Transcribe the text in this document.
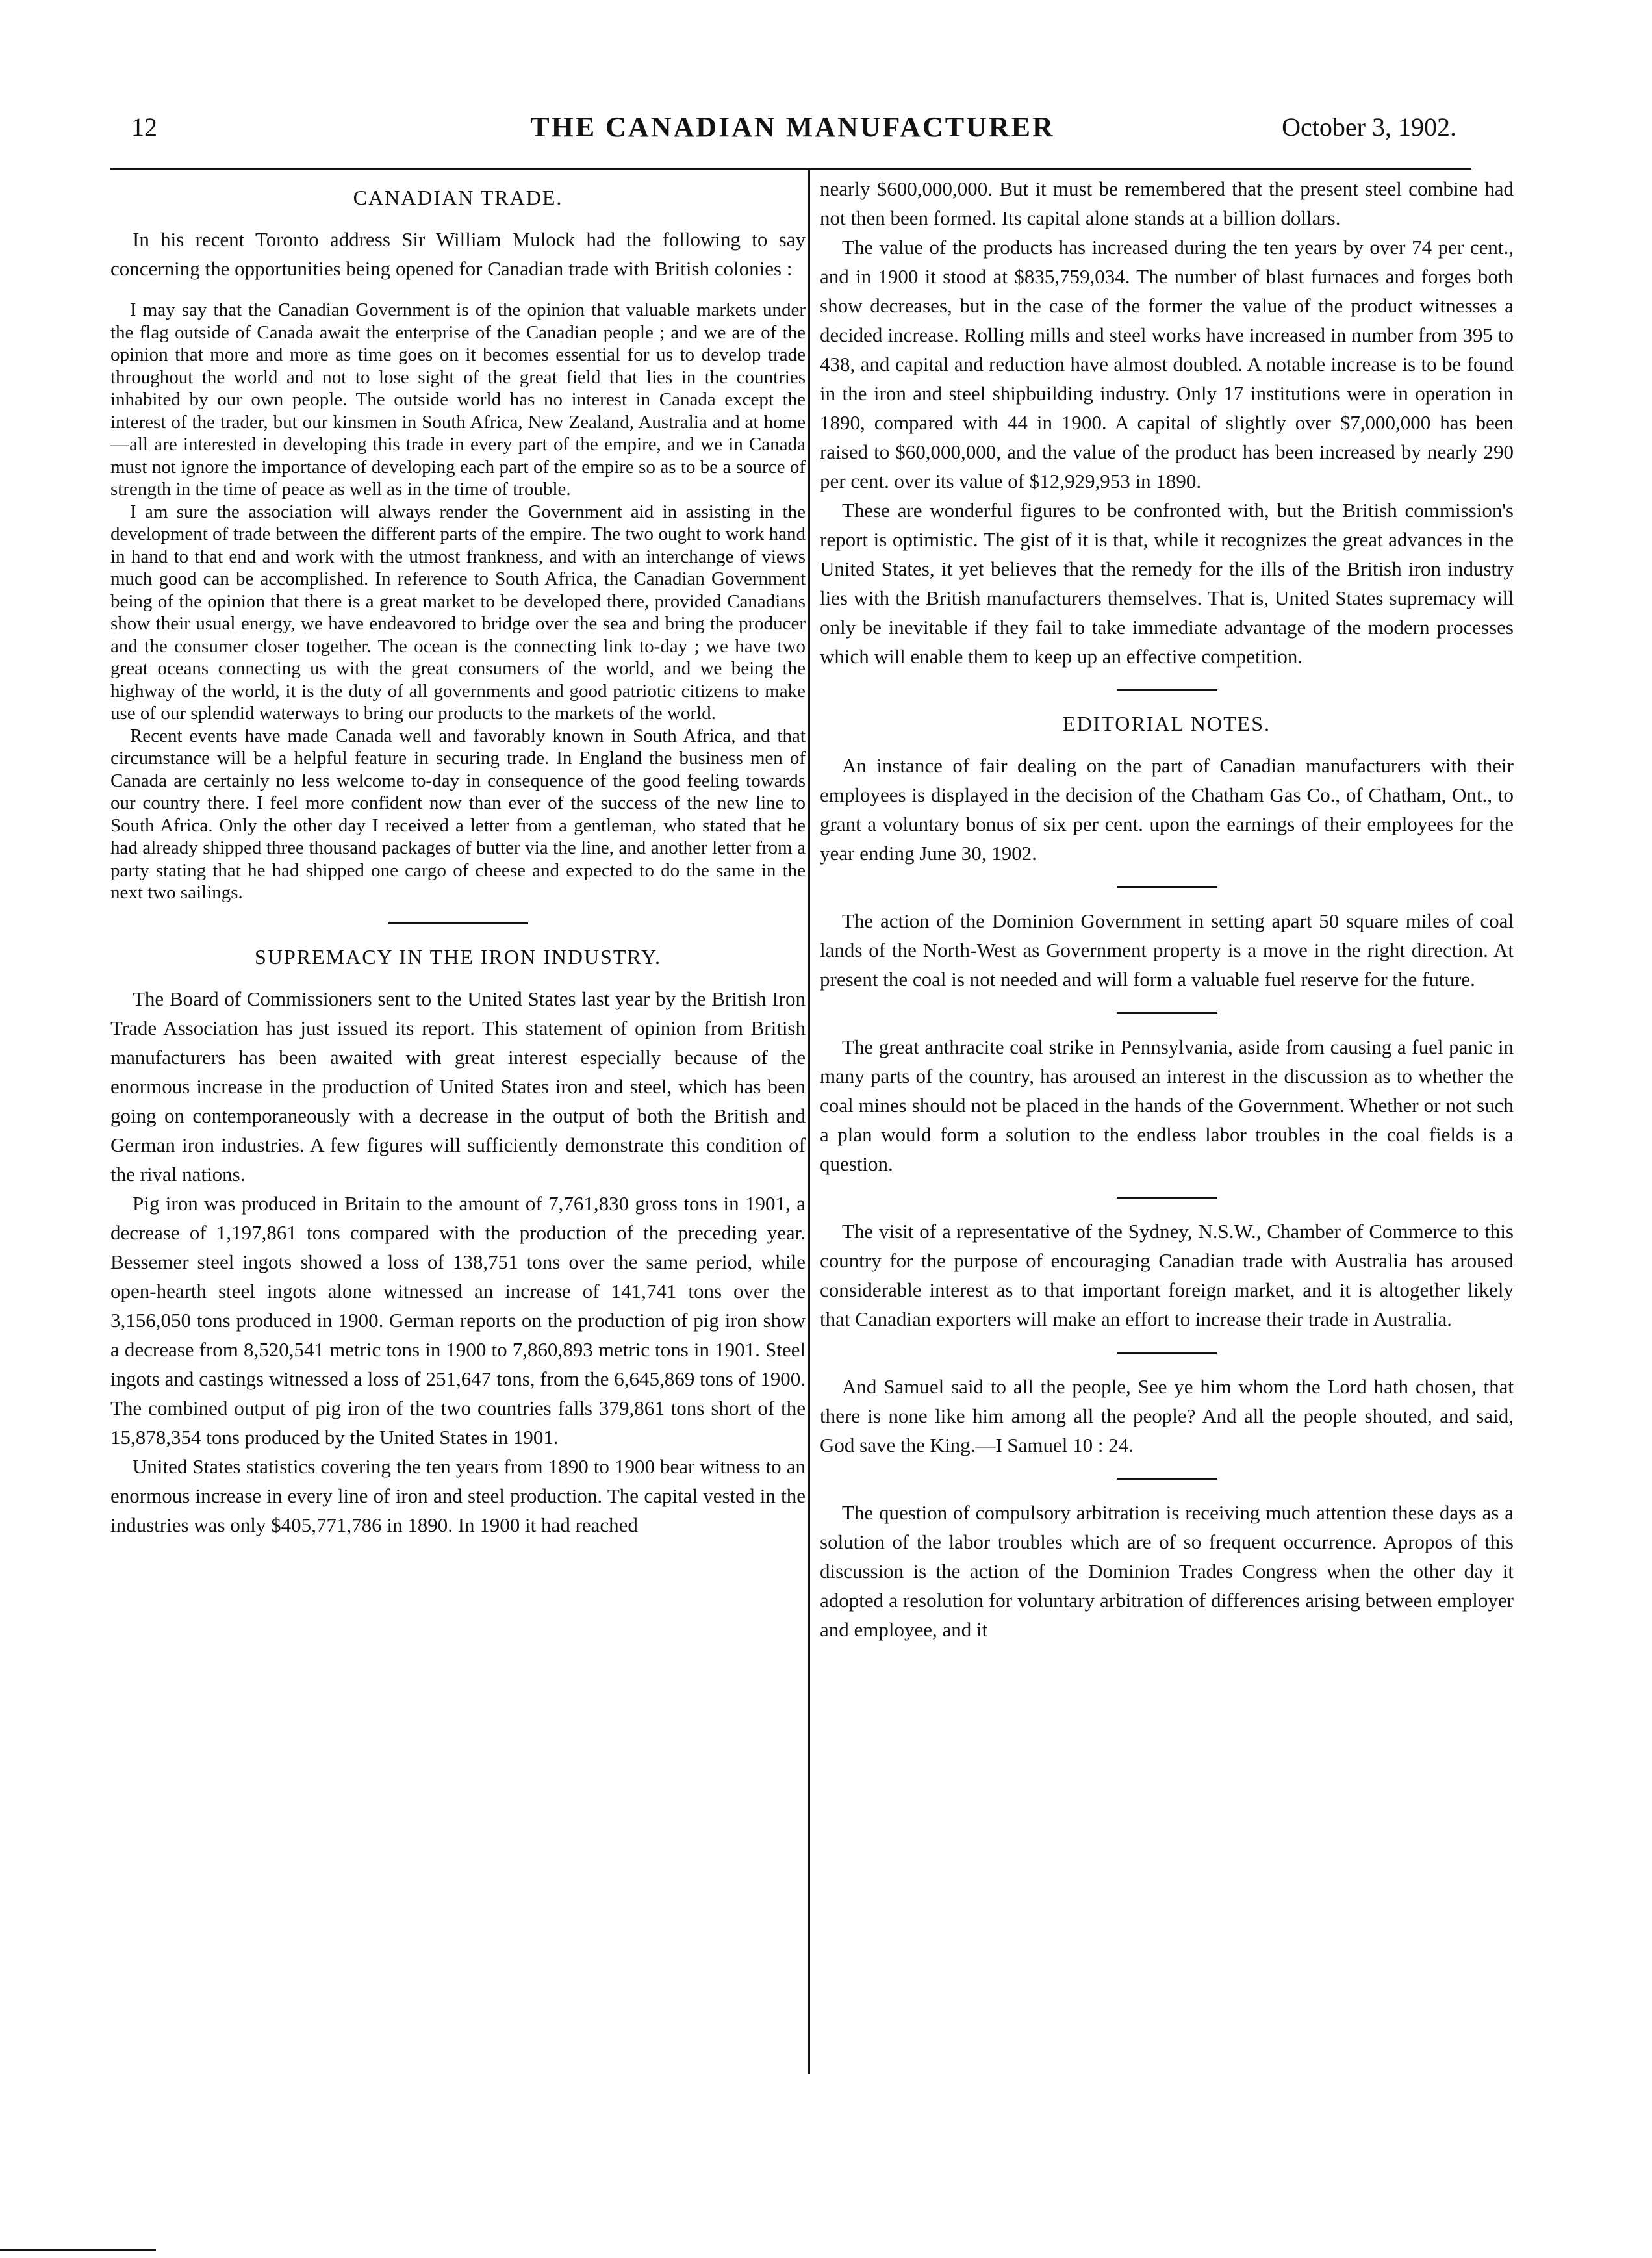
12	THE CANADIAN MANUFACTURER	October 3, 1902.
CANADIAN TRADE.

In his recent Toronto address Sir William Mulock had the following to say concerning the opportunities being opened for Canadian trade with British colonies :

I may say that the Canadian Government is of the opinion that valuable markets under the flag outside of Canada await the enterprise of the Canadian people ; and we are of the opinion that more and more as time goes on it becomes essential for us to develop trade throughout the world and not to lose sight of the great field that lies in the countries inhabited by our own people. The outside world has no interest in Canada except the interest of the trader, but our kinsmen in South Africa, New Zealand, Australia and at home—all are interested in developing this trade in every part of the empire, and we in Canada must not ignore the importance of developing each part of the empire so as to be a source of strength in the time of peace as well as in the time of trouble.

I am sure the association will always render the Government aid in assisting in the development of trade between the different parts of the empire. The two ought to work hand in hand to that end and work with the utmost frankness, and with an interchange of views much good can be accomplished. In reference to South Africa, the Canadian Government being of the opinion that there is a great market to be developed there, provided Canadians show their usual energy, we have endeavored to bridge over the sea and bring the producer and the consumer closer together. The ocean is the connecting link to-day ; we have two great oceans connecting us with the great consumers of the world, and we being the highway of the world, it is the duty of all governments and good patriotic citizens to make use of our splendid waterways to bring our products to the markets of the world.

Recent events have made Canada well and favorably known in South Africa, and that circumstance will be a helpful feature in securing trade. In England the business men of Canada are certainly no less welcome to-day in consequence of the good feeling towards our country there. I feel more confident now than ever of the success of the new line to South Africa. Only the other day I received a letter from a gentleman, who stated that he had already shipped three thousand packages of butter via the line, and another letter from a party stating that he had shipped one cargo of cheese and expected to do the same in the next two sailings.

SUPREMACY IN THE IRON INDUSTRY.

The Board of Commissioners sent to the United States last year by the British Iron Trade Association has just issued its report. This statement of opinion from British manufacturers has been awaited with great interest especially because of the enormous increase in the production of United States iron and steel, which has been going on contemporaneously with a decrease in the output of both the British and German iron industries. A few figures will sufficiently demonstrate this condition of the rival nations.

Pig iron was produced in Britain to the amount of 7,761,830 gross tons in 1901, a decrease of 1,197,861 tons compared with the production of the preceding year. Bessemer steel ingots showed a loss of 138,751 tons over the same period, while open-hearth steel ingots alone witnessed an increase of 141,741 tons over the 3,156,050 tons produced in 1900. German reports on the production of pig iron show a decrease from 8,520,541 metric tons in 1900 to 7,860,893 metric tons in 1901. Steel ingots and castings witnessed a loss of 251,647 tons, from the 6,645,869 tons of 1900. The combined output of pig iron of the two countries falls 379,861 tons short of the 15,878,354 tons produced by the United States in 1901.

United States statistics covering the ten years from 1890 to 1900 bear witness to an enormous increase in every line of iron and steel production. The capital vested in the industries was only $405,771,786 in 1890. In 1900 it had reached

nearly $600,000,000. But it must be remembered that the present steel combine had not then been formed. Its capital alone stands at a billion dollars.

The value of the products has increased during the ten years by over 74 per cent., and in 1900 it stood at $835,759,034. The number of blast furnaces and forges both show decreases, but in the case of the former the value of the product witnesses a decided increase. Rolling mills and steel works have increased in number from 395 to 438, and capital and reduction have almost doubled. A notable increase is to be found in the iron and steel shipbuilding industry. Only 17 institutions were in operation in 1890, compared with 44 in 1900. A capital of slightly over $7,000,000 has been raised to $60,000,000, and the value of the product has been increased by nearly 290 per cent. over its value of $12,929,953 in 1890.

These are wonderful figures to be confronted with, but the British commission's report is optimistic. The gist of it is that, while it recognizes the great advances in the United States, it yet believes that the remedy for the ills of the British iron industry lies with the British manufacturers themselves. That is, United States supremacy will only be inevitable if they fail to take immediate advantage of the modern processes which will enable them to keep up an effective competition.

EDITORIAL NOTES.

An instance of fair dealing on the part of Canadian manufacturers with their employees is displayed in the decision of the Chatham Gas Co., of Chatham, Ont., to grant a voluntary bonus of six per cent. upon the earnings of their employees for the year ending June 30, 1902.

The action of the Dominion Government in setting apart 50 square miles of coal lands of the North-West as Government property is a move in the right direction. At present the coal is not needed and will form a valuable fuel reserve for the future.

The great anthracite coal strike in Pennsylvania, aside from causing a fuel panic in many parts of the country, has aroused an interest in the discussion as to whether the coal mines should not be placed in the hands of the Government. Whether or not such a plan would form a solution to the endless labor troubles in the coal fields is a question.

The visit of a representative of the Sydney, N.S.W., Chamber of Commerce to this country for the purpose of encouraging Canadian trade with Australia has aroused considerable interest as to that important foreign market, and it is altogether likely that Canadian exporters will make an effort to increase their trade in Australia.

And Samuel said to all the people, See ye him whom the Lord hath chosen, that there is none like him among all the people? And all the people shouted, and said, God save the King.—I Samuel 10 : 24.

The question of compulsory arbitration is receiving much attention these days as a solution of the labor troubles which are of so frequent occurrence. Apropos of this discussion is the action of the Dominion Trades Congress when the other day it adopted a resolution for voluntary arbitration of differences arising between employer and employee, and it
